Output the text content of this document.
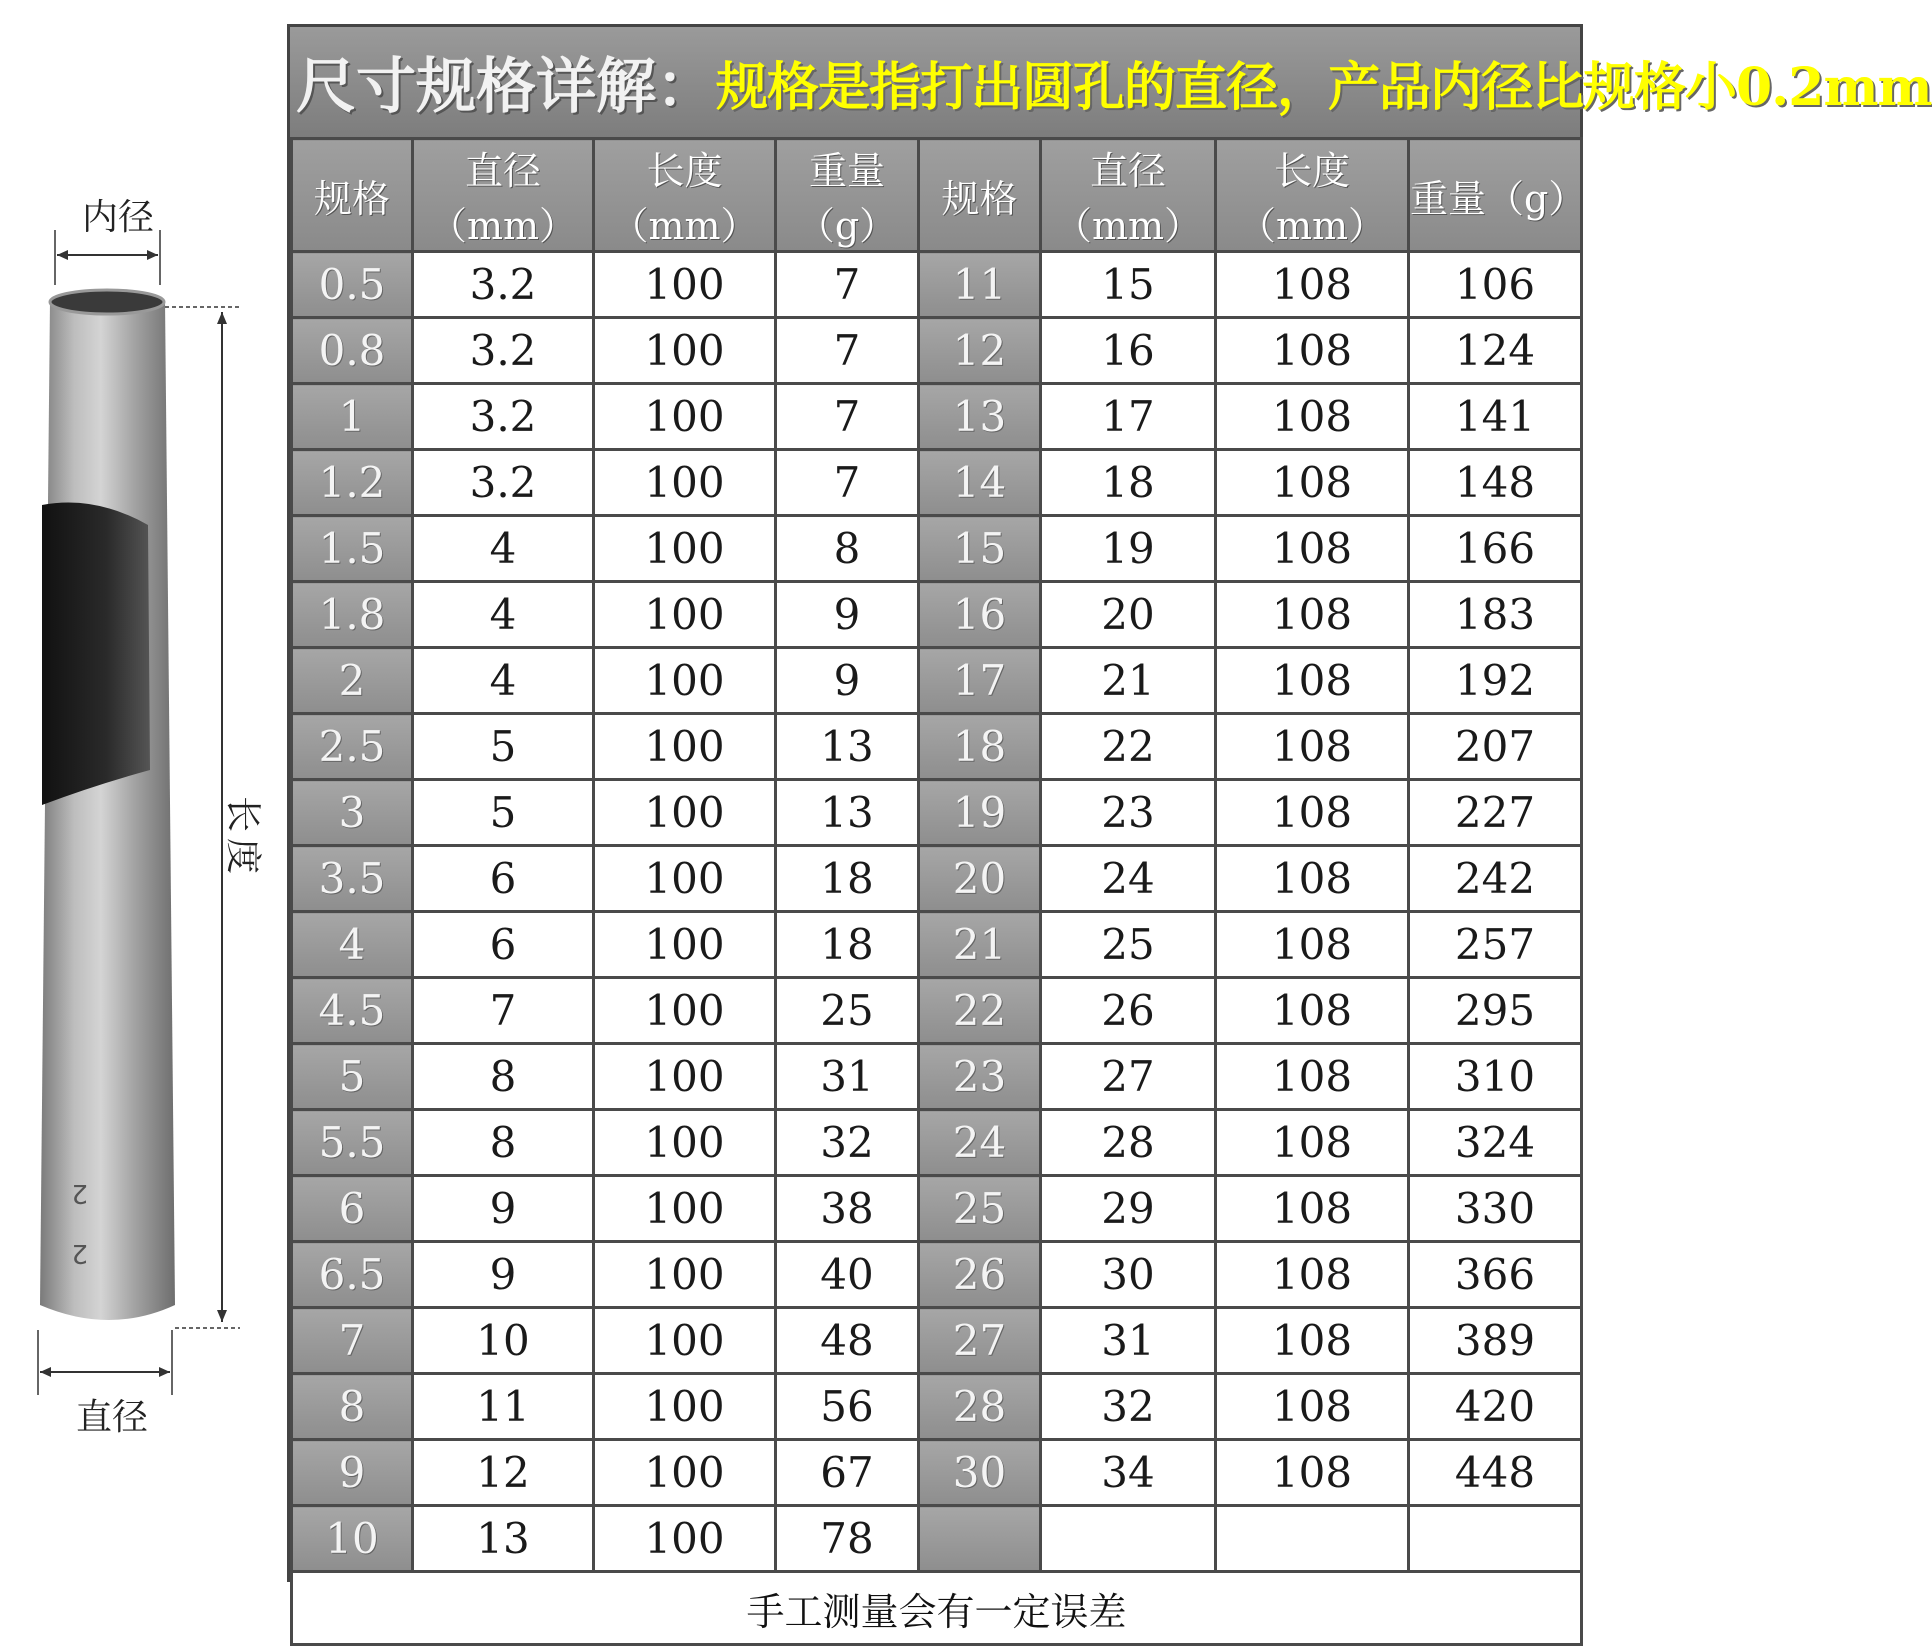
2
2
内径
长度
直径
尺寸规格详解： 规格是指打出圆孔的直径，产品内径比规格小0.2mm
规格	直径（mm）	长度（mm）	重量（g）	规格	直径（mm）	长度（mm）	重量（g）
0.5	3.2	100	7	11	15	108	106
0.8	3.2	100	7	12	16	108	124
1	3.2	100	7	13	17	108	141
1.2	3.2	100	7	14	18	108	148
1.5	4	100	8	15	19	108	166
1.8	4	100	9	16	20	108	183
2	4	100	9	17	21	108	192
2.5	5	100	13	18	22	108	207
3	5	100	13	19	23	108	227
3.5	6	100	18	20	24	108	242
4	6	100	18	21	25	108	257
4.5	7	100	25	22	26	108	295
5	8	100	31	23	27	108	310
5.5	8	100	32	24	28	108	324
6	9	100	38	25	29	108	330
6.5	9	100	40	26	30	108	366
7	10	100	48	27	31	108	389
8	11	100	56	28	32	108	420
9	12	100	67	30	34	108	448
10	13	100	78				
手工测量会有一定误差							
